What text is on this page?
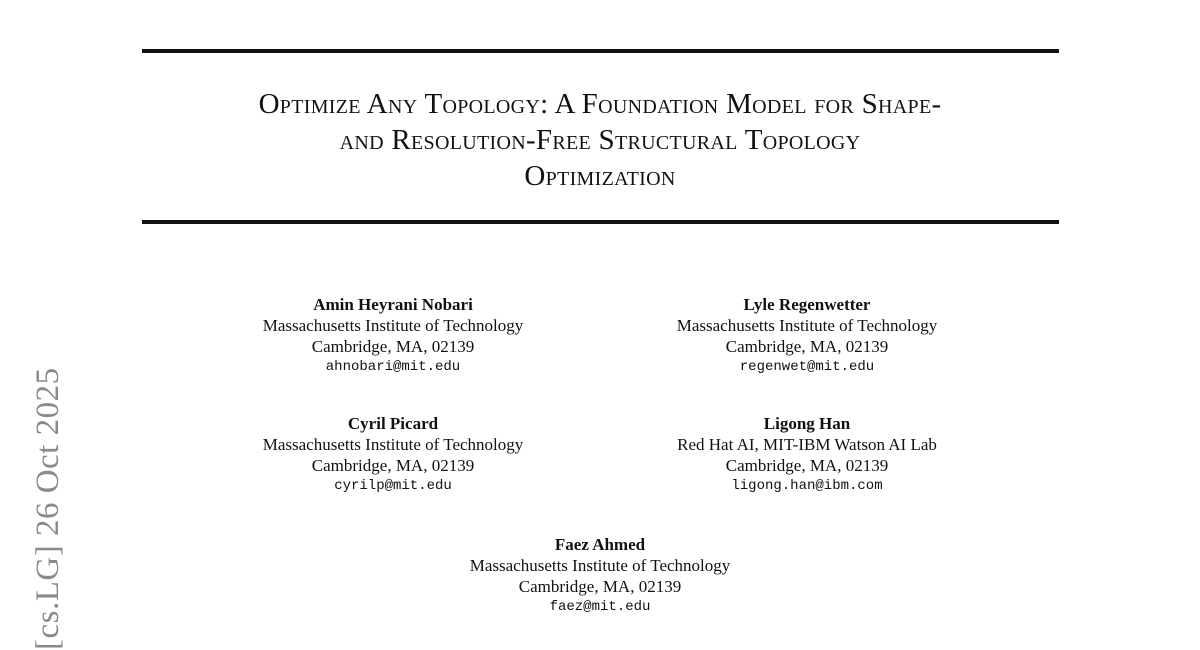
Optimize Any Topology: A Foundation Model for Shape-
and Resolution-Free Structural Topology
Optimization
Amin Heyrani Nobari
Massachusetts Institute of Technology
Cambridge, MA, 02139
ahnobari@mit.edu
Lyle Regenwetter
Massachusetts Institute of Technology
Cambridge, MA, 02139
regenwet@mit.edu
Cyril Picard
Massachusetts Institute of Technology
Cambridge, MA, 02139
cyrilp@mit.edu
Ligong Han
Red Hat AI, MIT-IBM Watson AI Lab
Cambridge, MA, 02139
ligong.han@ibm.com
Faez Ahmed
Massachusetts Institute of Technology
Cambridge, MA, 02139
faez@mit.edu
[cs.LG] 26 Oct 2025
